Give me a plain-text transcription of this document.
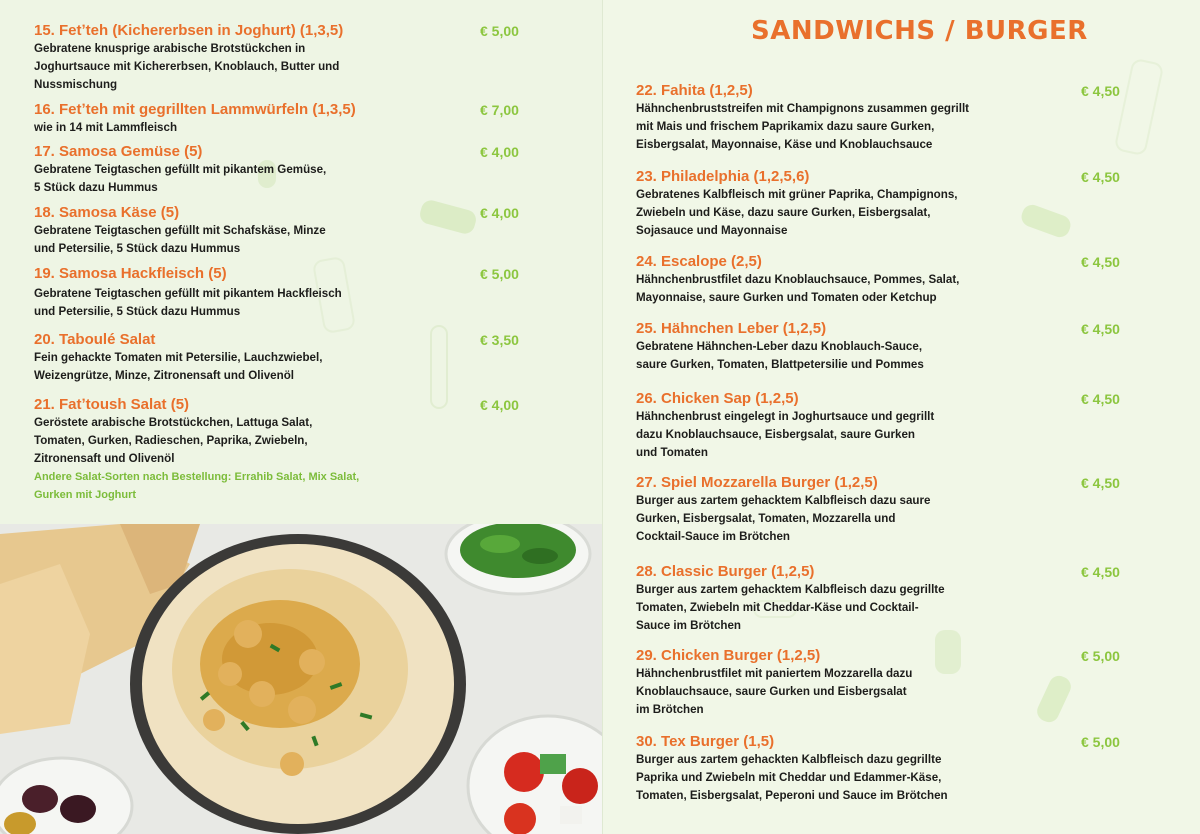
15. Fetʼteh (Kichererbsen in Joghurt) (1,3,5)	€ 5,00
Gebratene knusprige arabische Brotstückchen in
Joghurtsauce mit Kichererbsen, Knoblauch, Butter und
Nussmischung
16. Fetʼteh mit gegrillten Lammwürfeln (1,3,5)	€ 7,00
wie in 14 mit Lammfleisch
17. Samosa Gemüse (5)	€ 4,00
Gebratene Teigtaschen gefüllt mit pikantem Gemüse,
5 Stück dazu Hummus
18. Samosa Käse (5)	€ 4,00
Gebratene Teigtaschen gefüllt mit Schafskäse, Minze
und Petersilie, 5 Stück dazu Hummus
19. Samosa Hackfleisch (5)	€ 5,00
Gebratene Teigtaschen gefüllt mit pikantem Hackfleisch
und Petersilie, 5 Stück dazu Hummus
20. Taboulé Salat	€ 3,50
Fein gehackte Tomaten mit Petersilie, Lauchzwiebel,
Weizengrütze, Minze, Zitronensaft und Olivenöl
21. Fatʼtoush Salat (5)	€ 4,00
Geröstete arabische Brotstückchen, Lattuga Salat,
Tomaten, Gurken, Radieschen, Paprika, Zwiebeln,
Zitronensaft und Olivenöl
Andere Salat-Sorten nach Bestellung: Errahib Salat, Mix Salat,
Gurken mit Joghurt
SANDWICHS / BURGER
22. Fahita (1,2,5)	€ 4,50
Hähnchenbruststreifen mit Champignons zusammen gegrillt
mit Mais und frischem Paprikamix dazu saure Gurken,
Eisbergsalat, Mayonnaise, Käse und Knoblauchsauce
23. Philadelphia (1,2,5,6)	€ 4,50
Gebratenes Kalbfleisch mit grüner Paprika, Champignons,
Zwiebeln und Käse, dazu saure Gurken, Eisbergsalat,
Sojasauce und Mayonnaise
24. Escalope (2,5)	€ 4,50
Hähnchenbrustfilet dazu Knoblauchsauce, Pommes, Salat,
Mayonnaise, saure Gurken und Tomaten oder Ketchup
25. Hähnchen Leber (1,2,5)	€ 4,50
Gebratene Hähnchen-Leber dazu Knoblauch-Sauce,
saure Gurken, Tomaten, Blattpetersilie und Pommes
26. Chicken Sap (1,2,5)	€ 4,50
Hähnchenbrust eingelegt in Joghurtsauce und gegrillt
dazu Knoblauchsauce, Eisbergsalat, saure Gurken
und Tomaten
27. Spiel Mozzarella Burger (1,2,5)	€ 4,50
Burger aus zartem gehacktem Kalbfleisch dazu saure
Gurken, Eisbergsalat, Tomaten, Mozzarella und
Cocktail-Sauce im Brötchen
28. Classic Burger (1,2,5)	€ 4,50
Burger aus zartem gehacktem Kalbfleisch dazu gegrillte
Tomaten, Zwiebeln mit Cheddar-Käse und Cocktail-
Sauce im Brötchen
29. Chicken Burger (1,2,5)	€ 5,00
Hähnchenbrustfilet mit paniertem Mozzarella dazu
Knoblauchsauce, saure Gurken und Eisbergsalat
im Brötchen
30. Tex Burger (1,5)	€ 5,00
Burger aus zartem gehackten Kalbfleisch dazu gegrillte
Paprika und Zwiebeln mit Cheddar und Edammer-Käse,
Tomaten, Eisbergsalat, Peperoni und Sauce im Brötchen
